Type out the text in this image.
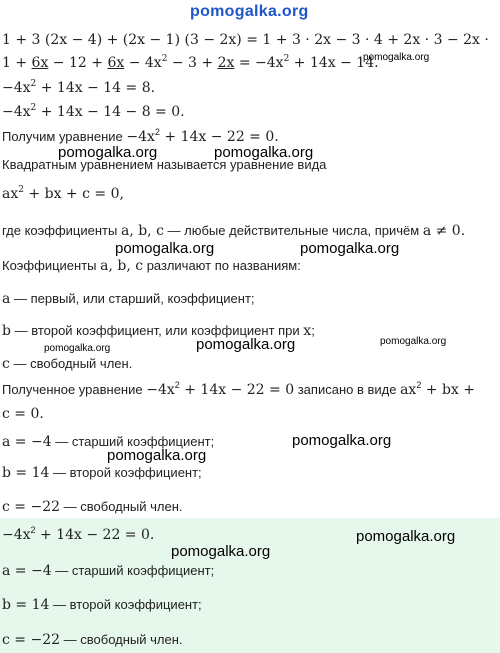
pomogalka.org
1 + 3 (2x − 4) + (2x − 1) (3 − 2x) = 1 + 3 · 2x − 3 · 4 + 2x · 3 − 2x ·
$1 + 6x - 12 + 6x - 4x^2 - 3 + 2x = -4x^2 + 14x - 14$.
$-4x^2 + 14x - 14 = 8$.
$-4x^2 + 14x - 14 - 8 = 0$.
Получим уравнение $-4x^2 + 14x - 22 = 0$.
Квадратным уравнением называется уравнение вида
$ax^2$ + bx + c = 0,
где коэффициенты a, b, c — любые действительные числа, причём a ≠ 0.
Коэффициенты a, b, c различают по названиям:
a — первый, или старший, коэффициент;
b — второй коэффициент, или коэффициент при x;
c — свободный член.
Полученное уравнение $-4x^2 + 14x - 22 = 0$ записано в виде $ax^2$ + bx +
c = 0.
a = −4 — старший коэффициент;
b = 14 — второй коэффициент;
c = −22 — свободный член.
$-4x^2 + 14x - 22 = 0$.
a = −4 — старший коэффициент;
b = 14 — второй коэффициент;
c = −22 — свободный член.
pomogalka.org
pomogalka.org	pomogalka.org
pomogalka.org	pomogalka.org
pomogalka.org
pomogalka.org
pomogalka.org
pomogalka.org
pomogalka.org
pomogalka.org
pomogalka.org
